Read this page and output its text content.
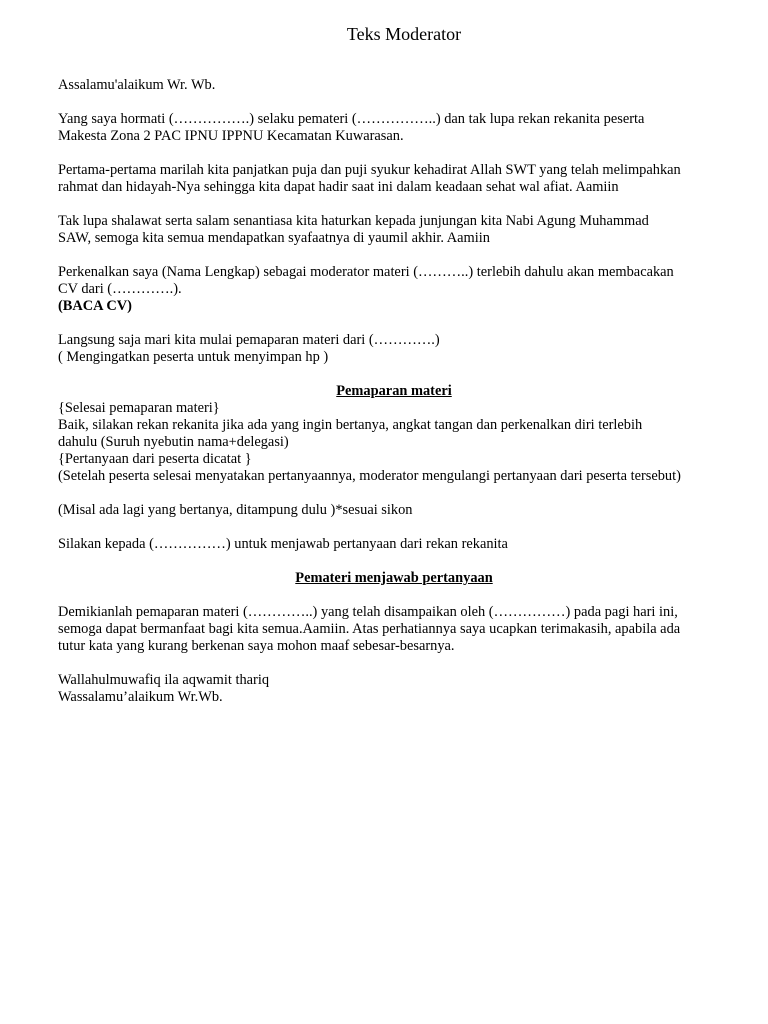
Teks Moderator

Assalamu'alaikum Wr. Wb.

Yang saya hormati (…………….) selaku pemateri (……………..) dan tak lupa rekan rekanita peserta
Makesta Zona 2 PAC IPNU IPPNU Kecamatan Kuwarasan.
Pertama-pertama marilah kita panjatkan puja dan puji syukur kehadirat Allah SWT yang telah melimpahkan
rahmat dan hidayah-Nya sehingga kita dapat hadir saat ini dalam keadaan sehat wal afiat. Aamiin
Tak lupa shalawat serta salam senantiasa kita haturkan kepada junjungan kita Nabi Agung Muhammad
SAW, semoga kita semua mendapatkan syafaatnya di yaumil akhir. Aamiin
Perkenalkan saya (Nama Lengkap) sebagai moderator materi (………..) terlebih dahulu akan membacakan
CV dari (………….).
(BACA CV)
Langsung saja mari kita mulai pemaparan materi dari (………….)
( Mengingatkan peserta untuk menyimpan hp )
Pemaparan materi
{Selesai pemaparan materi}
Baik, silakan rekan rekanita jika ada yang ingin bertanya, angkat tangan dan perkenalkan diri terlebih
dahulu (Suruh nyebutin nama+delegasi)
{Pertanyaan dari peserta dicatat }
(Setelah peserta selesai menyatakan pertanyaannya, moderator mengulangi pertanyaan dari peserta tersebut)
(Misal ada lagi yang bertanya, ditampung dulu )*sesuai sikon
Silakan kepada (……………) untuk menjawab pertanyaan dari rekan rekanita
Pemateri menjawab pertanyaan
Demikianlah pemaparan materi (…………..) yang telah disampaikan oleh (……………) pada pagi hari ini,
semoga dapat bermanfaat bagi kita semua.Aamiin. Atas perhatiannya saya ucapkan terimakasih, apabila ada
tutur kata yang kurang berkenan saya mohon maaf sebesar-besarnya.
Wallahulmuwafiq ila aqwamit thariq
Wassalamu’alaikum Wr.Wb.
